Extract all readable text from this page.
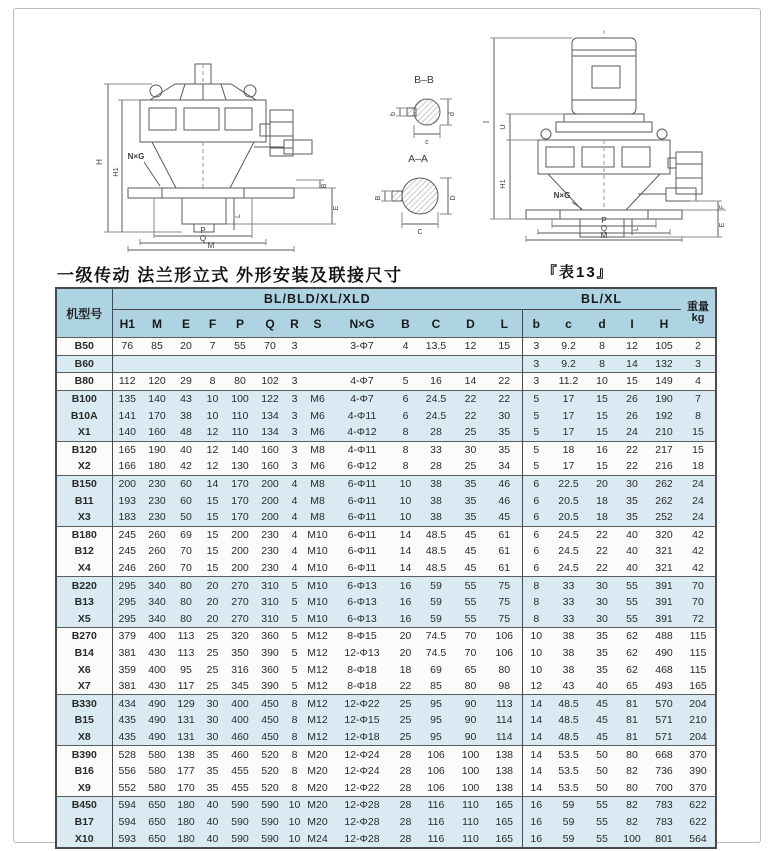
H
H1
N×G
B
E
L
P
Q
M
B–B
b	d
c
A–A
B	D
C
I
U
H1
N×G
F
E
L
P
Q
M
一级传动 法兰形立式 外形安装及联接尺寸	『表13』
机型号	BL/BLD/XL/XLD													BL/XL					重量
kg

	H1	M	E	F	P	Q	R	S	N×G	B	C	D	L	b	c	d	I	H	
B50	76	85	20	7	55	70	3		3-Φ7	4	13.5	12	15	3	9.2	8	12	105	2
B60														3	9.2	8	14	132	3
B80	112	120	29	8	80	102	3		4-Φ7	5	16	14	22	3	11.2	10	15	149	4
B100	135	140	43	10	100	122	3	M6	4-Φ7	6	24.5	22	22	5	17	15	26	190	7
B10A	141	170	38	10	110	134	3	M6	4-Φ11	6	24.5	22	30	5	17	15	26	192	8
X1	140	160	48	12	110	134	3	M6	4-Φ12	8	28	25	35	5	17	15	24	210	15
B120	165	190	40	12	140	160	3	M8	4-Φ11	8	33	30	35	5	18	16	22	217	15
X2	166	180	42	12	130	160	3	M6	6-Φ12	8	28	25	34	5	17	15	22	216	18
B150	200	230	60	14	170	200	4	M8	6-Φ11	10	38	35	46	6	22.5	20	30	262	24
B11	193	230	60	15	170	200	4	M8	6-Φ11	10	38	35	46	6	20.5	18	35	262	24
X3	183	230	50	15	170	200	4	M8	6-Φ11	10	38	35	45	6	20.5	18	35	252	24
B180	245	260	69	15	200	230	4	M10	6-Φ11	14	48.5	45	61	6	24.5	22	40	320	42
B12	245	260	70	15	200	230	4	M10	6-Φ11	14	48.5	45	61	6	24.5	22	40	321	42
X4	246	260	70	15	200	230	4	M10	6-Φ11	14	48.5	45	61	6	24.5	22	40	321	42
B220	295	340	80	20	270	310	5	M10	6-Φ13	16	59	55	75	8	33	30	55	391	70
B13	295	340	80	20	270	310	5	M10	6-Φ13	16	59	55	75	8	33	30	55	391	70
X5	295	340	80	20	270	310	5	M10	6-Φ13	16	59	55	75	8	33	30	55	391	72
B270	379	400	113	25	320	360	5	M12	8-Φ15	20	74.5	70	106	10	38	35	62	488	115
B14	381	430	113	25	350	390	5	M12	12-Φ13	20	74.5	70	106	10	38	35	62	490	115
X6	359	400	95	25	316	360	5	M12	8-Φ18	18	69	65	80	10	38	35	62	468	115
X7	381	430	117	25	345	390	5	M12	8-Φ18	22	85	80	98	12	43	40	65	493	165
B330	434	490	129	30	400	450	8	M12	12-Φ22	25	95	90	113	14	48.5	45	81	570	204
B15	435	490	131	30	400	450	8	M12	12-Φ15	25	95	90	114	14	48.5	45	81	571	210
X8	435	490	131	30	460	450	8	M12	12-Φ18	25	95	90	114	14	48.5	45	81	571	204
B390	528	580	138	35	460	520	8	M20	12-Φ24	28	106	100	138	14	53.5	50	80	668	370
B16	556	580	177	35	455	520	8	M20	12-Φ24	28	106	100	138	14	53.5	50	82	736	390
X9	552	580	170	35	455	520	8	M20	12-Φ22	28	106	100	138	14	53.5	50	80	700	370
B450	594	650	180	40	590	590	10	M20	12-Φ28	28	116	110	165	16	59	55	82	783	622
B17	594	650	180	40	590	590	10	M20	12-Φ28	28	116	110	165	16	59	55	82	783	622
X10	593	650	180	40	590	590	10	M24	12-Φ28	28	116	110	165	16	59	55	100	801	564
